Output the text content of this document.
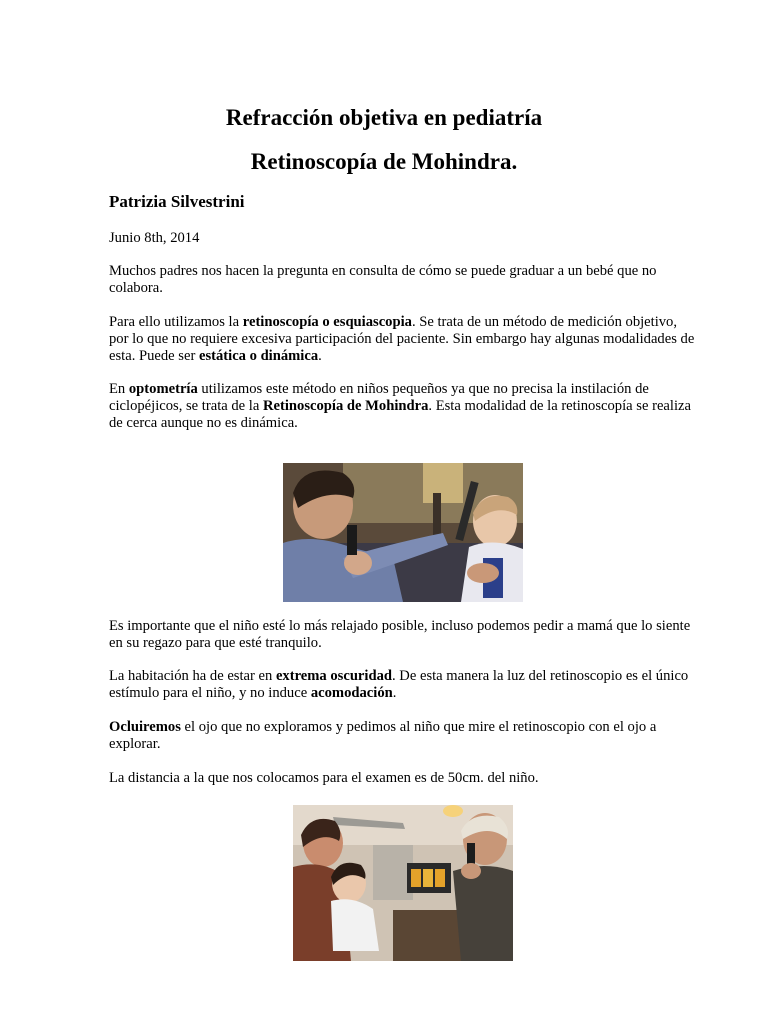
Refracción objetiva en pediatría
Retinoscopía de Mohindra.
Patrizia Silvestrini
Junio 8th, 2014
Muchos padres nos hacen la pregunta en consulta de cómo se puede graduar a un bebé que no colabora.
Para ello utilizamos la retinoscopía o esquiascopia. Se trata de un método de medición objetivo, por lo que no requiere excesiva participación del paciente. Sin embargo hay algunas modalidades de esta. Puede ser estática o dinámica.
En optometría utilizamos este método en niños pequeños ya que no precisa la instilación de ciclopéjicos, se trata de la Retinoscopía de Mohindra. Esta modalidad de la retinoscopía se realiza de cerca aunque no es dinámica.
Es importante que el niño esté lo más relajado posible, incluso podemos pedir a mamá que lo siente en su regazo para que esté tranquilo.
La habitación ha de estar en extrema oscuridad. De esta manera la luz del retinoscopio es el único estímulo para el niño, y no induce acomodación.
Ocluiremos el ojo que no exploramos y pedimos al niño que mire el retinoscopio con el ojo a explorar.
La distancia a la que nos colocamos para el examen es de 50cm. del niño.
